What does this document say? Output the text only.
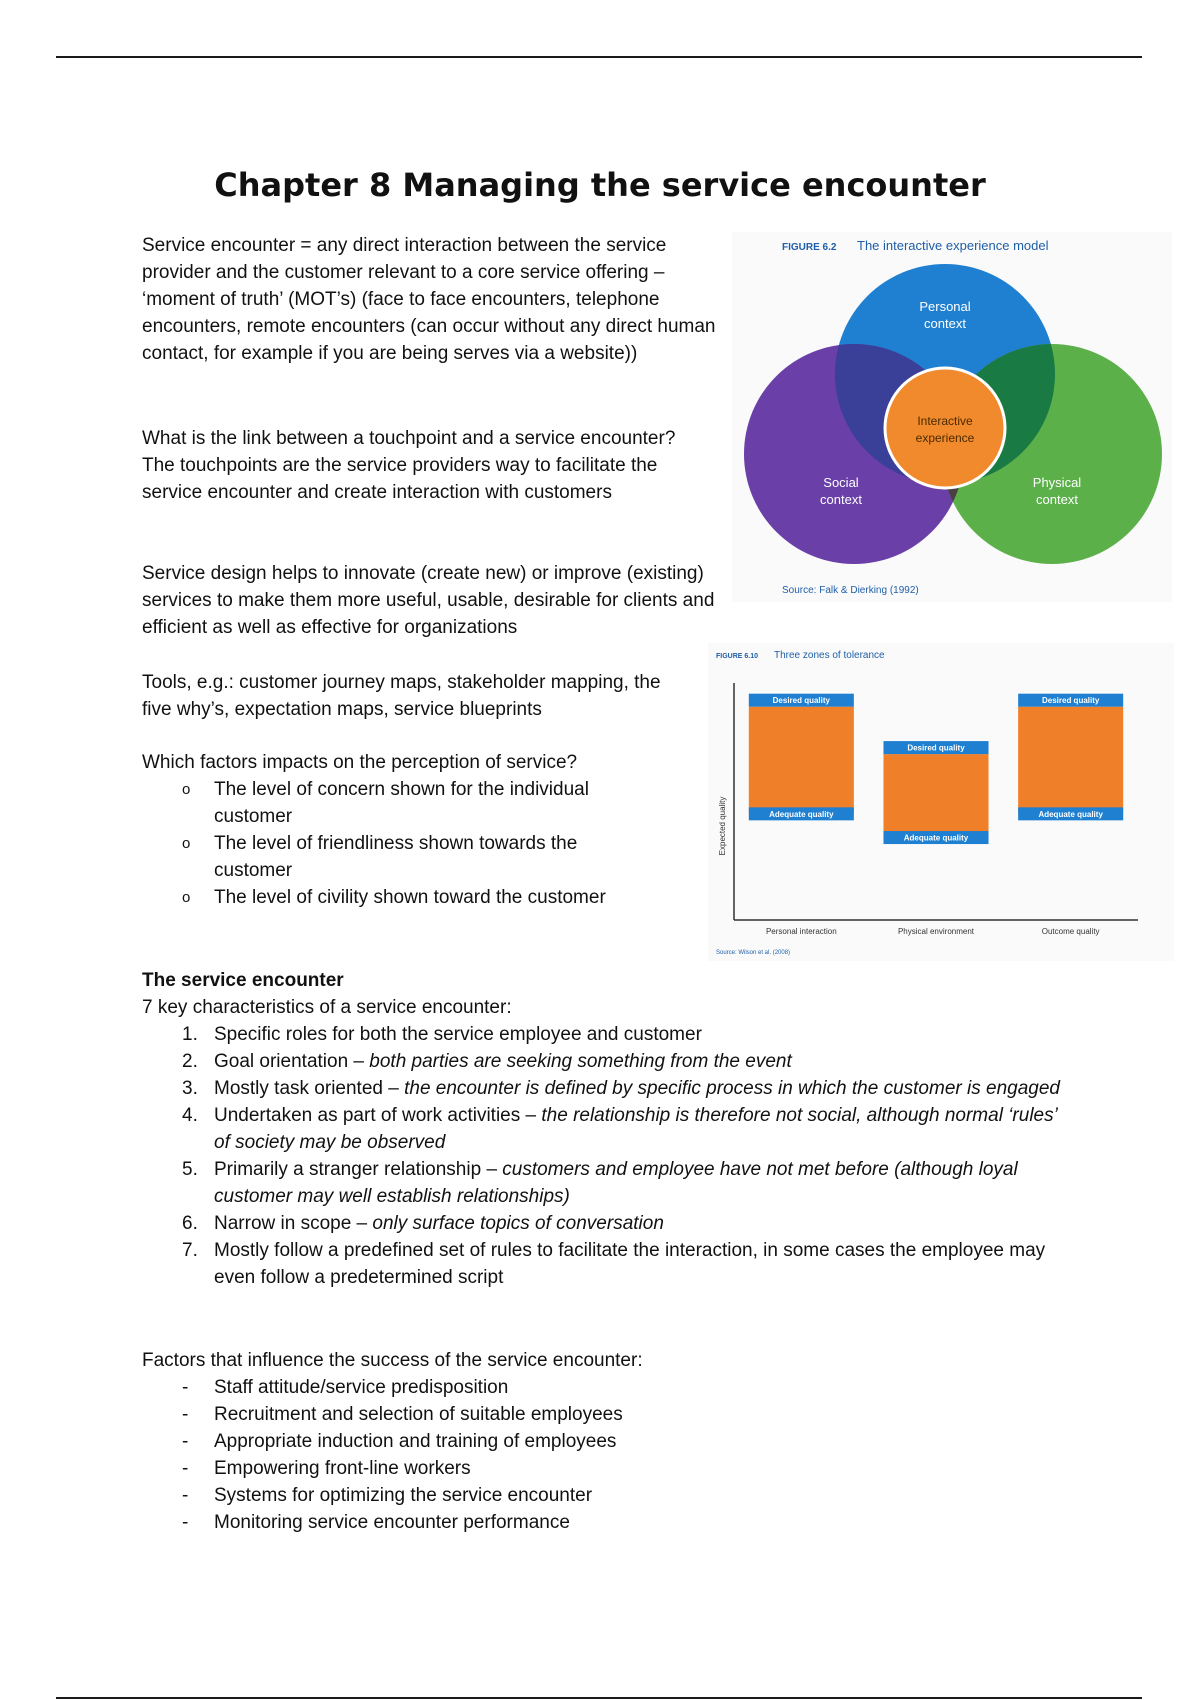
Chapter 8 Managing the service encounter

Service encounter = any direct interaction between the service provider and the customer relevant to a core service offering – ‘moment of truth’ (MOT’s) (face to face encounters, telephone encounters, remote encounters (can occur without any direct human contact, for example if you are being serves via a website))

What is the link between a touchpoint and a service encounter?
The touchpoints are the service providers way to facilitate the service encounter and create interaction with customers

Service design helps to innovate (create new) or improve (existing) services to make them more useful, usable, desirable for clients and efficient as well as effective for organizations

Tools, e.g.: customer journey maps, stakeholder mapping, the five why’s, expectation maps, service blueprints

Which factors impacts on the perception of service?
o The level of concern shown for the individual customer
o The level of friendliness shown towards the customer
o The level of civility shown toward the customer
The service encounter
7 key characteristics of a service encounter:
1. Specific roles for both the service employee and customer
2. Goal orientation – both parties are seeking something from the event
3. Mostly task oriented – the encounter is defined by specific process in which the customer is engaged
4. Undertaken as part of work activities – the relationship is therefore not social, although normal ‘rules’ of society may be observed
5. Primarily a stranger relationship – customers and employee have not met before (although loyal customer may well establish relationships)
6. Narrow in scope – only surface topics of conversation
7. Mostly follow a predefined set of rules to facilitate the interaction, in some cases the employee may even follow a predetermined script
Factors that influence the success of the service encounter:
- Staff attitude/service predisposition
- Recruitment and selection of suitable employees
- Appropriate induction and training of employees
- Empowering front-line workers
- Systems for optimizing the service encounter
- Monitoring service encounter performance
FIGURE 6.2 The interactive experience model
Personal
context
Interactive
experience
Social
context
Physical
context
Source: Falk & Dierking (1992)
FIGURE 6.10 Three zones of tolerance
Expected quality
Desired quality
Adequate quality
Personal interaction
Desired quality
Adequate quality
Physical environment
Desired quality
Adequate quality
Outcome quality
Source: Wilson et al. (2008)
